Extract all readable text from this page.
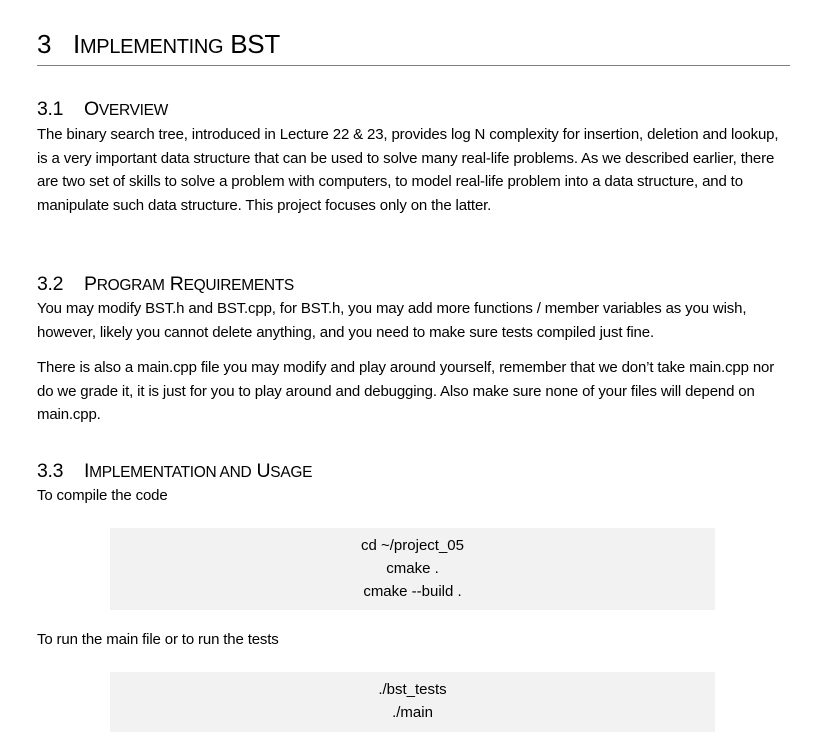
3 IMPLEMENTING BST
3.1	OVERVIEW

The binary search tree, introduced in Lecture 22 & 23, provides log N complexity for insertion, deletion and lookup, is a very important data structure that can be used to solve many real-life problems. As we described earlier, there are two set of skills to solve a problem with computers, to model real-life problem into a data structure, and to manipulate such data structure. This project focuses only on the latter.

3.2	PROGRAM REQUIREMENTS

You may modify BST.h and BST.cpp, for BST.h, you may add more functions / member variables as you wish, however, likely you cannot delete anything, and you need to make sure tests compiled just fine.

There is also a main.cpp file you may modify and play around yourself, remember that we don’t take main.cpp nor do we grade it, it is just for you to play around and debugging. Also make sure none of your files will depend on main.cpp.

3.3	IMPLEMENTATION AND USAGE

To compile the code

cd ~/project_05
cmake .
cmake --build .

To run the main file or to run the tests

./bst_tests
./main
